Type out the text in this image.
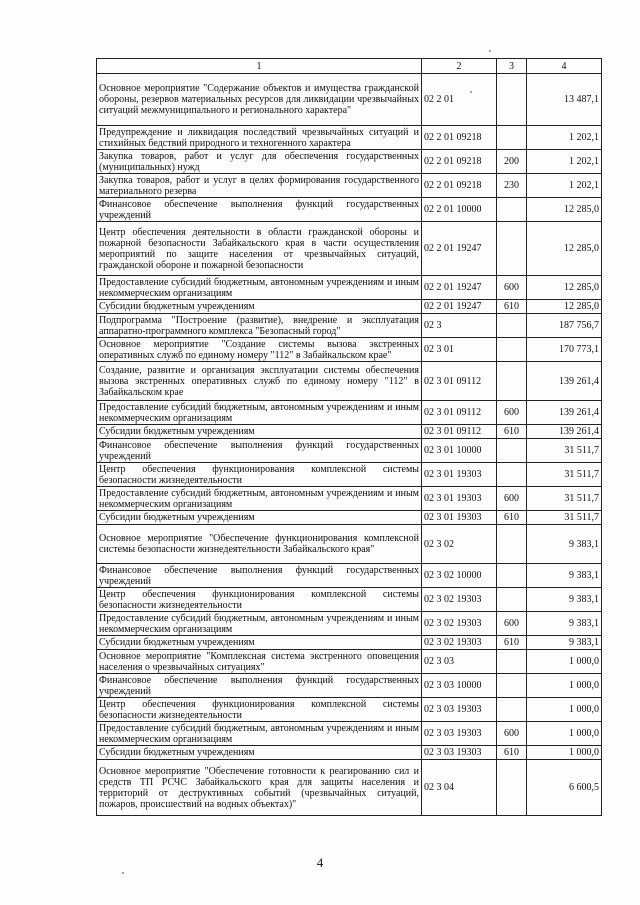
1	2	3	4
Основное мероприятие "Содержание объектов и имущества гражданской обороны, резервов материальных ресурсов для ликвидации чрезвычайных ситуаций межмуниципального и регионального характера"	02 2 01		13 487,1
Предупреждение и ликвидация последствий чрезвычайных ситуаций и стихийных бедствий природного и техногенного характера	02 2 01 09218		1 202,1
Закупка товаров, работ и услуг для обеспечения государственных (муниципальных) нужд	02 2 01 09218	200	1 202,1
Закупка товаров, работ и услуг в целях формирования государственного материального резерва	02 2 01 09218	230	1 202,1
Финансовое обеспечение выполнения функций государственных учреждений	02 2 01 10000		12 285,0
Центр обеспечения деятельности в области гражданской обороны и пожарной безопасности Забайкальского края в части осуществления мероприятий по защите населения от чрезвычайных ситуаций, гражданской обороне и пожарной безопасности	02 2 01 19247		12 285,0
Предоставление субсидий бюджетным, автономным учреждениям и иным некоммерческим организациям	02 2 01 19247	600	12 285,0
Субсидии бюджетным учреждениям	02 2 01 19247	610	12 285,0
Подпрограмма "Построение (развитие), внедрение и эксплуатация аппаратно-программного комплекса "Безопасный город"	02 3		187 756,7
Основное мероприятие "Создание системы вызова экстренных оперативных служб по единому номеру "112" в Забайкальском крае"	02 3 01		170 773,1
Создание, развитие и организация эксплуатации системы обеспечения вызова экстренных оперативных служб по единому номеру "112" в Забайкальском крае	02 3 01 09112		139 261,4
Предоставление субсидий бюджетным, автономным учреждениям и иным некоммерческим организациям	02 3 01 09112	600	139 261,4
Субсидии бюджетным учреждениям	02 3 01 09112	610	139 261,4
Финансовое обеспечение выполнения функций государственных учреждений	02 3 01 10000		31 511,7
Центр обеспечения функционирования комплексной системы безопасности жизнедеятельности	02 3 01 19303		31 511,7
Предоставление субсидий бюджетным, автономным учреждениям и иным некоммерческим организациям	02 3 01 19303	600	31 511,7
Субсидии бюджетным учреждениям	02 3 01 19303	610	31 511,7
Основное мероприятие "Обеспечение функционирования комплексной системы безопасности жизнедеятельности Забайкальского края"	02 3 02		9 383,1
Финансовое обеспечение выполнения функций государственных учреждений	02 3 02 10000		9 383,1
Центр обеспечения функционирования комплексной системы безопасности жизнедеятельности	02 3 02 19303		9 383,1
Предоставление субсидий бюджетным, автономным учреждениям и иным некоммерческим организациям	02 3 02 19303	600	9 383,1
Субсидии бюджетным учреждениям	02 3 02 19303	610	9 383,1
Основное мероприятие "Комплексная система экстренного оповещения населения о чрезвычайных ситуациях"	02 3 03		1 000,0
Финансовое обеспечение выполнения функций государственных учреждений	02 3 03 10000		1 000,0
Центр обеспечения функционирования комплексной системы безопасности жизнедеятельности	02 3 03 19303		1 000,0
Предоставление субсидий бюджетным, автономным учреждениям и иным некоммерческим организациям	02 3 03 19303	600	1 000,0
Субсидии бюджетным учреждениям	02 3 03 19303	610	1 000,0
Основное мероприятие "Обеспечение готовности к реагированию сил и средств ТП РСЧС Забайкальского края для защиты населения и территорий от деструктивных событий (чрезвычайных ситуаций, пожаров, происшествий на водных объектах)"	02 3 04		6 600,5
4
